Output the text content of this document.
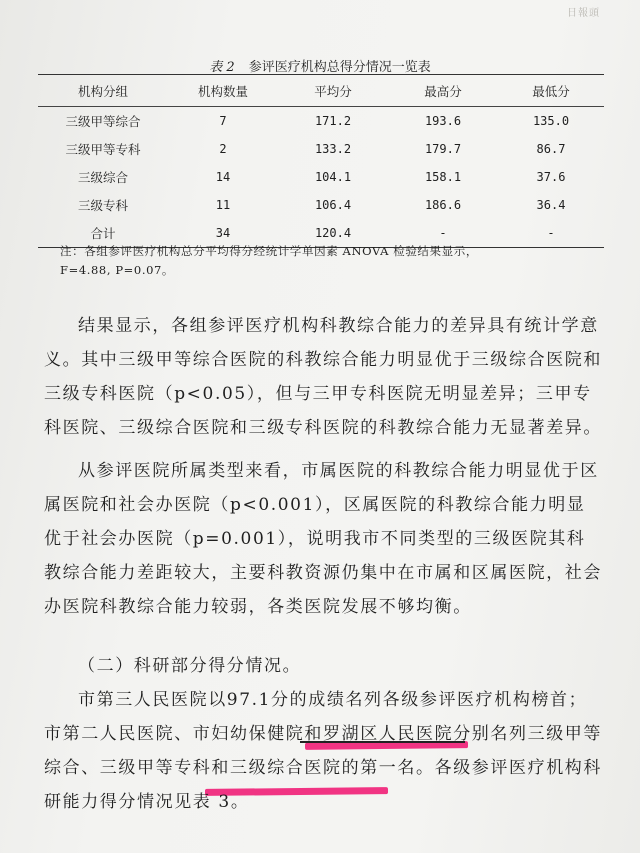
日報頭
表 2 参评医疗机构总得分情况一览表
机构分组	机构数量	平均分	最高分	最低分
三级甲等综合	7	171.2	193.6	135.0
三级甲等专科	2	133.2	179.7	86.7
三级综合	14	104.1	158.1	37.6
三级专科	11	106.4	186.6	36.4
合计	34	120.4	-	-
注：各组参评医疗机构总分平均得分经统计学单因素 ANOVA 检验结果显示，
F=4.88, P=0.07。

结果显示，各组参评医疗机构科教综合能力的差异具有统计学意义。其中三级甲等综合医院的科教综合能力明显优于三级综合医院和三级专科医院（p<0.05），但与三甲专科医院无明显差异；三甲专科医院、三级综合医院和三级专科医院的科教综合能力无显著差异。

从参评医院所属类型来看，市属医院的科教综合能力明显优于区属医院和社会办医院（p<0.001），区属医院的科教综合能力明显优于社会办医院（p=0.001），说明我市不同类型的三级医院其科教综合能力差距较大，主要科教资源仍集中在市属和区属医院，社会办医院科教综合能力较弱，各类医院发展不够均衡。

（二）科研部分得分情况。

市第三人民医院以97.1分的成绩名列各级参评医疗机构榜首；市第二人民医院、市妇幼保健院和罗湖区人民医院分别名列三级甲等综合、三级甲等专科和三级综合医院的第一名。各级参评医疗机构科研能力得分情况见表 3。
